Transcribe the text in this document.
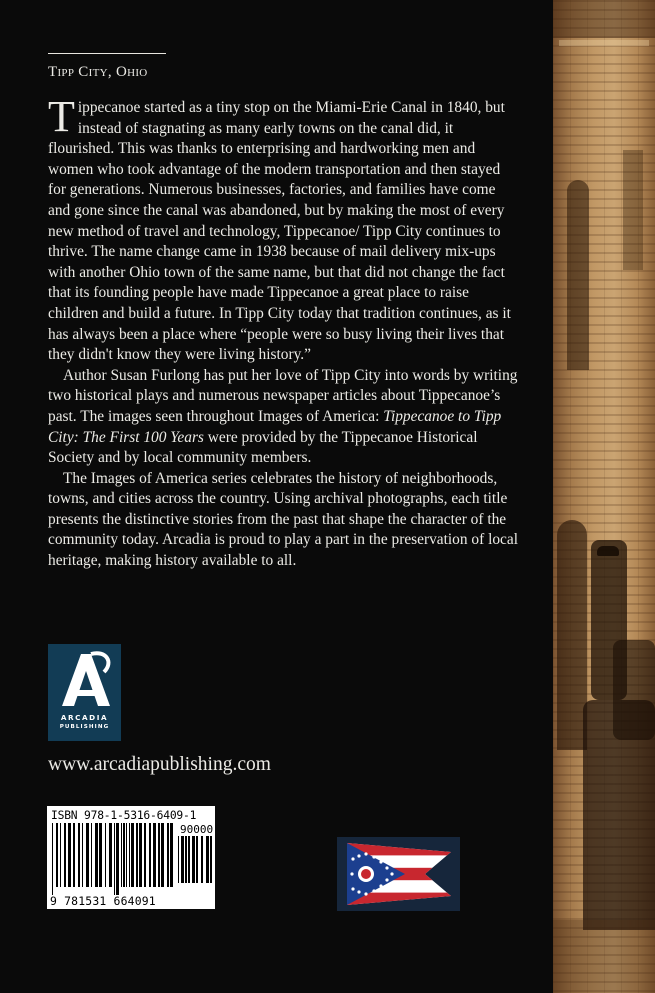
Tipp City, Ohio

Tippecanoe started as a tiny stop on the Miami-Erie Canal in 1840, but instead of stagnating as many early towns on the canal did, it flourished. This was thanks to enterprising and hardworking men and women who took advantage of the modern transportation and then stayed for generations. Numerous businesses, factories, and families have come and gone since the canal was abandoned, but by making the most of every new method of travel and technology, Tippecanoe/ Tipp City continues to thrive. The name change came in 1938 because of mail delivery mix-ups with another Ohio town of the same name, but that did not change the fact that its founding people have made Tippecanoe a great place to raise children and build a future. In Tipp City today that tradition continues, as it has always been a place where “people were so busy living their lives that they didn't know they were living history.”

Author Susan Furlong has put her love of Tipp City into words by writing two historical plays and numerous newspaper articles about Tippecanoe’s past. The images seen throughout Images of America: Tippecanoe to Tipp City: The First 100 Years were provided by the Tippecanoe Historical Society and by local community members.

The Images of America series celebrates the history of neighborhoods, towns, and cities across the country. Using archival photographs, each title presents the distinctive stories from the past that shape the character of the community today. Arcadia is proud to play a part in the preservation of local heritage, making history available to all.

ARCADIA
PUBLISHING
www.arcadiapublishing.com
ISBN 978-1-5316-6409-1
90000
9 781531 664091
